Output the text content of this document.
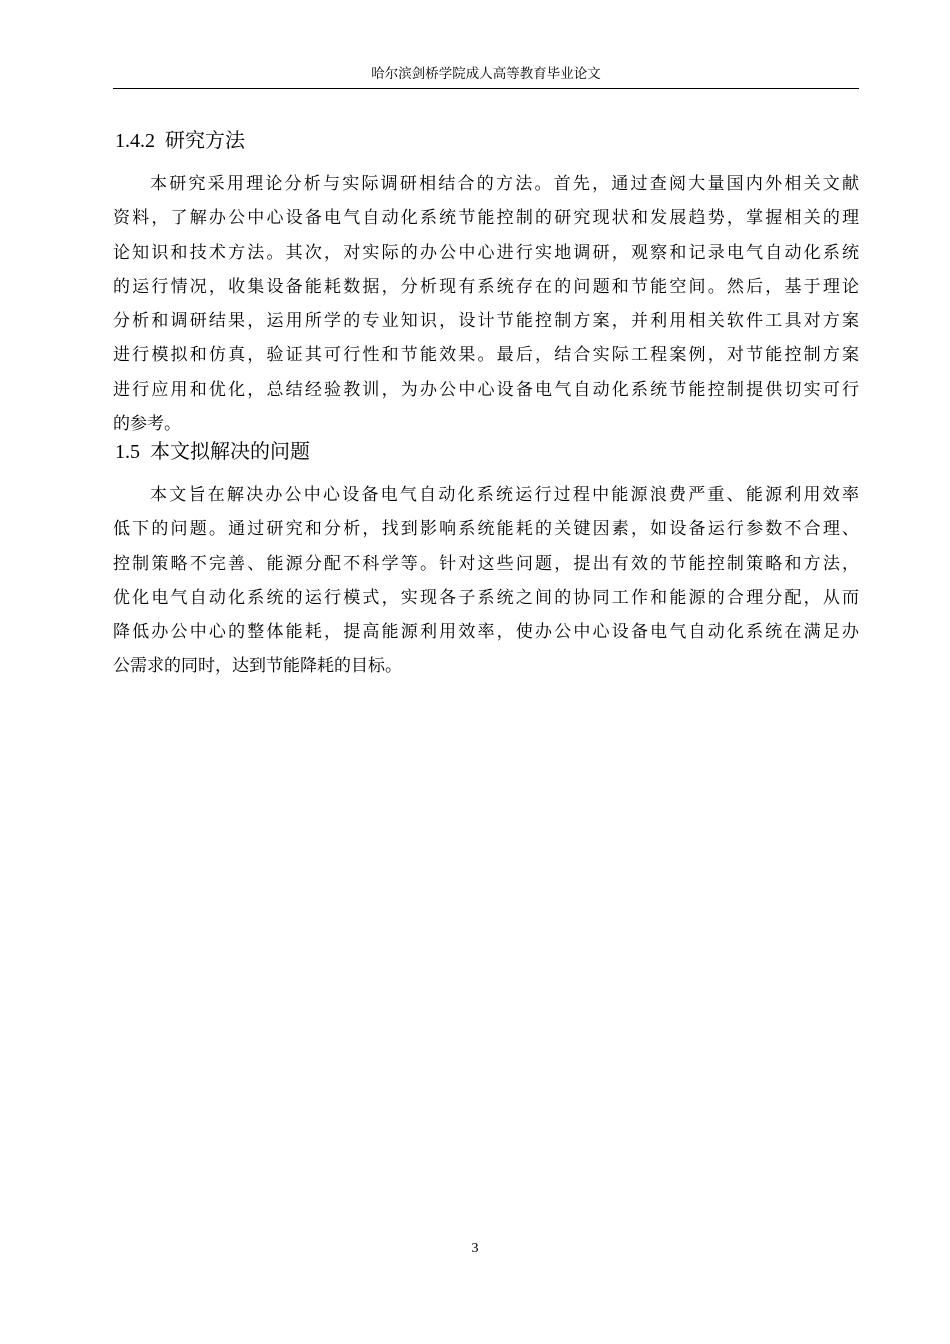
哈尔滨剑桥学院成人高等教育毕业论文
1.4.2 研究方法
本研究采用理论分析与实际调研相结合的方法。首先，通过查阅大量国内外相关文献
资料，了解办公中心设备电气自动化系统节能控制的研究现状和发展趋势，掌握相关的理
论知识和技术方法。其次，对实际的办公中心进行实地调研，观察和记录电气自动化系统
的运行情况，收集设备能耗数据，分析现有系统存在的问题和节能空间。然后，基于理论
分析和调研结果，运用所学的专业知识，设计节能控制方案，并利用相关软件工具对方案
进行模拟和仿真，验证其可行性和节能效果。最后，结合实际工程案例，对节能控制方案
进行应用和优化，总结经验教训，为办公中心设备电气自动化系统节能控制提供切实可行
的参考。
1.5 本文拟解决的问题
本文旨在解决办公中心设备电气自动化系统运行过程中能源浪费严重、能源利用效率
低下的问题。通过研究和分析，找到影响系统能耗的关键因素，如设备运行参数不合理、
控制策略不完善、能源分配不科学等。针对这些问题，提出有效的节能控制策略和方法，
优化电气自动化系统的运行模式，实现各子系统之间的协同工作和能源的合理分配，从而
降低办公中心的整体能耗，提高能源利用效率，使办公中心设备电气自动化系统在满足办
公需求的同时，达到节能降耗的目标。
3
